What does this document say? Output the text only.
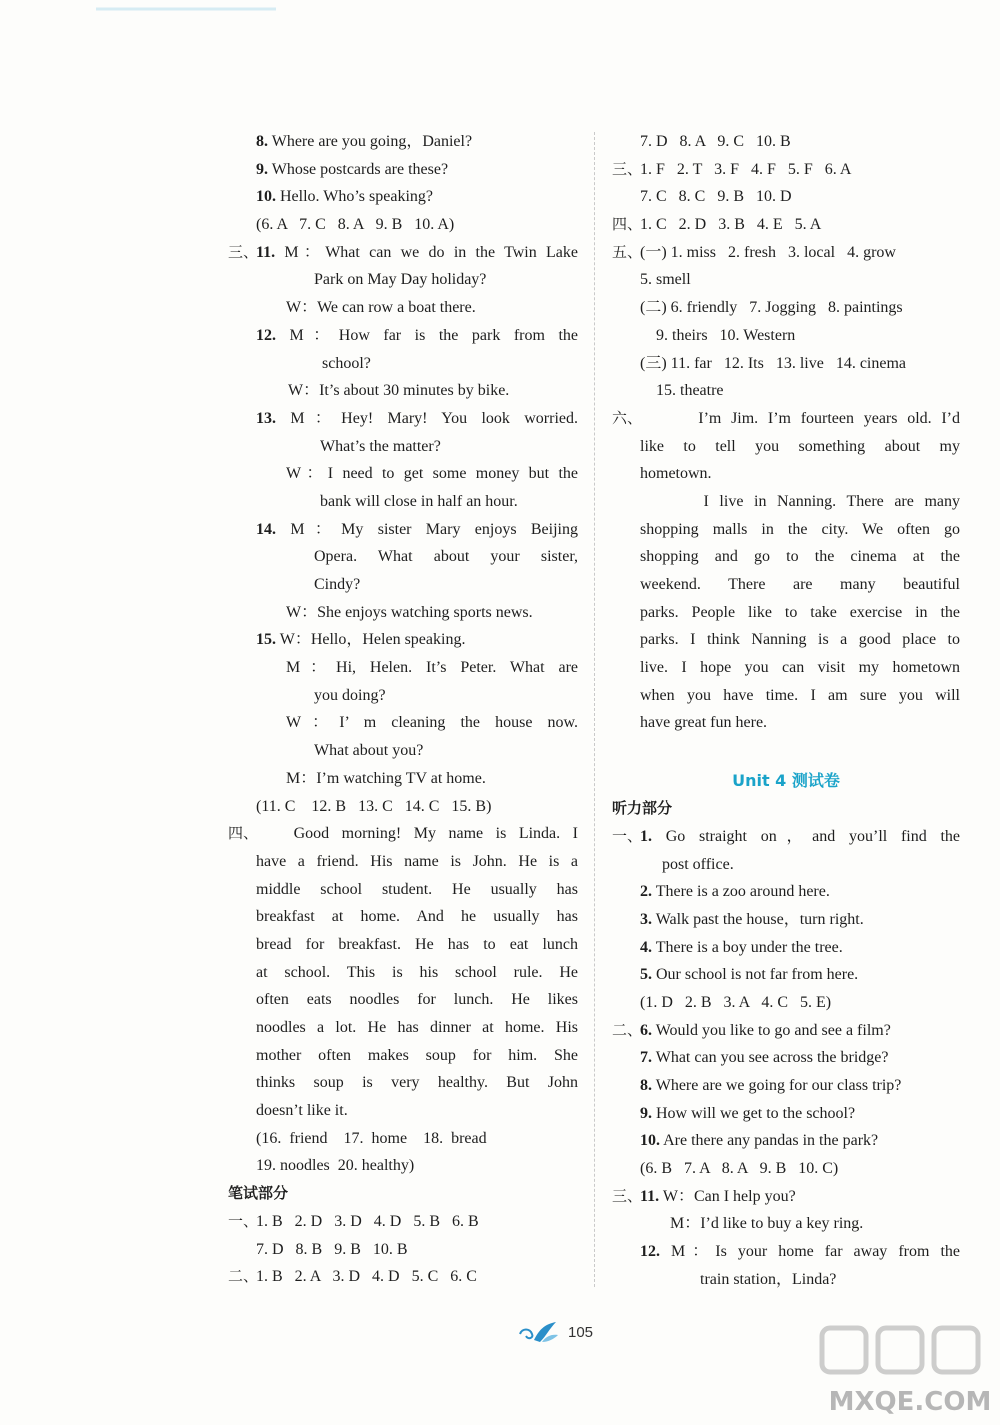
8. Where are you going，Daniel?
9. Whose postcards are these?
10. Hello. Who’s speaking?
(6. A   7. C   8. A   9. B   10. A)
三、
11. M：What can we do in the Twin Lake
Park on May Day holiday?
W：We can row a boat there.
12. M：How far is the park from the
school?
W：It’s about 30 minutes by bike.
13. M：Hey! Mary! You look worried.
What’s the matter?
W：I need to get some money but the
bank will close in half an hour.
14. M：My sister Mary enjoys Beijing
Opera. What about your sister,
Cindy?
W：She enjoys watching sports news.
15. W：Hello，Helen speaking.
M：Hi, Helen. It’s Peter. What are
you doing?
W：I’ m cleaning the house now.
What about you?
M：I’m watching TV at home.
(11. C    12. B   13. C   14. C   15. B)
四、
Good morning! My name is Linda. I
have a friend. His name is John. He is a
middle school student. He usually has
breakfast at home. And he usually has
bread for breakfast. He has to eat lunch
at school. This is his school rule. He
often eats noodles for lunch. He likes
noodles a lot. He has dinner at home. His
mother often makes soup for him. She
thinks soup is very healthy. But John
doesn’t like it.
(16.  friend    17.  home    18.  bread
19. noodles  20. healthy)
笔试部分
一、
1. B   2. D   3. D   4. D   5. B   6. B
7. D   8. B   9. B   10. B
二、
1. B   2. A   3. D   4. D   5. C   6. C
7. D   8. A   9. C   10. B
三、
1. F   2. T   3. F   4. F   5. F   6. A
7. C   8. C   9. B   10. D
四、
1. C   2. D   3. B   4. E   5. A
五、
(一) 1. miss   2. fresh   3. local   4. grow
5. smell
(二) 6. friendly   7. Jogging   8. paintings
9. theirs   10. Western
(三) 11. far   12. Its   13. live   14. cinema
15. theatre
六、
I’m Jim. I’m fourteen years old. I’d
like to tell you something about my
hometown.
I live in Nanning. There are many
shopping malls in the city. We often go
shopping and go to the cinema at the
weekend. There are many beautiful
parks. People like to take exercise in the
parks. I think Nanning is a good place to
live. I hope you can visit my hometown
when you have time. I am sure you will
have great fun here.
Unit 4 测试卷
听力部分
一、
1. Go straight on，and you’ll find the
post office.
2. There is a zoo around here.
3. Walk past the house，turn right.
4. There is a boy under the tree.
5. Our school is not far from here.
(1. D   2. B   3. A   4. C   5. E)
二、
6. Would you like to go and see a film?
7. What can you see across the bridge?
8. Where are we going for our class trip?
9. How will we get to the school?
10. Are there any pandas in the park?
(6. B   7. A   8. A   9. B   10. C)
三、
11. W：Can I help you?
M：I’d like to buy a key ring.
12. M：Is your home far away from the
train station，Linda?
105
MXQE.COM
